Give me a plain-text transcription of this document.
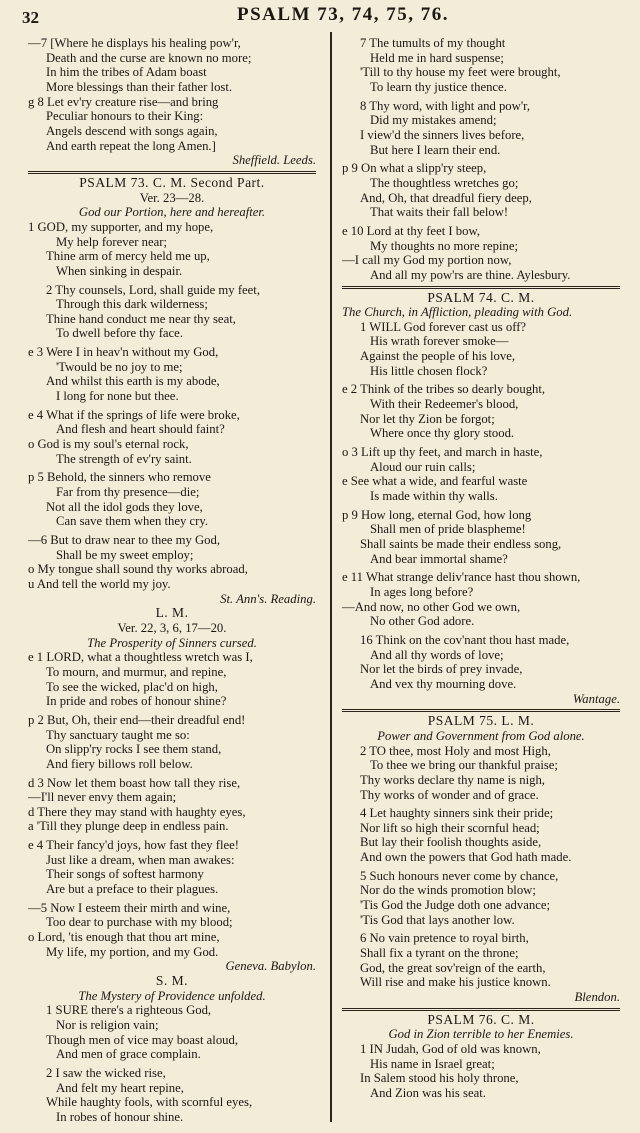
32	PSALM 73, 74, 75, 76.
—7 [Where he displays his healing pow'r,
Death and the curse are known no more;
In him the tribes of Adam boast
More blessings than their father lost.
g 8 Let ev'ry creature rise—and bring
Peculiar honours to their King:
Angels descend with songs again,
And earth repeat the long Amen.]
Sheffield. Leeds.
PSALM 73. C. M. Second Part.
Ver. 23—28.
God our Portion, here and hereafter.
1 GOD, my supporter, and my hope,
My help forever near;
Thine arm of mercy held me up,
When sinking in despair.
2 Thy counsels, Lord, shall guide my feet,
Through this dark wilderness;
Thine hand conduct me near thy seat,
To dwell before thy face.
e 3 Were I in heav'n without my God,
'Twould be no joy to me;
And whilst this earth is my abode,
I long for none but thee.
e 4 What if the springs of life were broke,
And flesh and heart should faint?
o God is my soul's eternal rock,
The strength of ev'ry saint.
p 5 Behold, the sinners who remove
Far from thy presence—die;
Not all the idol gods they love,
Can save them when they cry.
—6 But to draw near to thee my God,
Shall be my sweet employ;
o My tongue shall sound thy works abroad,
u And tell the world my joy.
St. Ann's. Reading.
L. M.
Ver. 22, 3, 6, 17—20.
The Prosperity of Sinners cursed.
e 1 LORD, what a thoughtless wretch was I,
To mourn, and murmur, and repine,
To see the wicked, plac'd on high,
In pride and robes of honour shine?
p 2 But, Oh, their end—their dreadful end!
Thy sanctuary taught me so:
On slipp'ry rocks I see them stand,
And fiery billows roll below.
d 3 Now let them boast how tall they rise,
—I'll never envy them again;
d There they may stand with haughty eyes,
a 'Till they plunge deep in endless pain.
e 4 Their fancy'd joys, how fast they flee!
Just like a dream, when man awakes:
Their songs of softest harmony
Are but a preface to their plagues.
—5 Now I esteem their mirth and wine,
Too dear to purchase with my blood;
o Lord, 'tis enough that thou art mine,
My life, my portion, and my God.
Geneva. Babylon.
S. M.
The Mystery of Providence unfolded.
1 SURE there's a righteous God,
Nor is religion vain;
Though men of vice may boast aloud,
And men of grace complain.
2 I saw the wicked rise,
And felt my heart repine,
While haughty fools, with scornful eyes,
In robes of honour shine.
7 The tumults of my thought
Held me in hard suspense;
'Till to thy house my feet were brought,
To learn thy justice thence.
8 Thy word, with light and pow'r,
Did my mistakes amend;
I view'd the sinners lives before,
But here I learn their end.
p 9 On what a slipp'ry steep,
The thoughtless wretches go;
And, Oh, that dreadful fiery deep,
That waits their fall below!
e 10 Lord at thy feet I bow,
My thoughts no more repine;
—I call my God my portion now,
And all my pow'rs are thine. Aylesbury.
PSALM 74. C. M.
The Church, in Affliction, pleading with God.
1 WILL God forever cast us off?
His wrath forever smoke—
Against the people of his love,
His little chosen flock?
e 2 Think of the tribes so dearly bought,
With their Redeemer's blood,
Nor let thy Zion be forgot;
Where once thy glory stood.
o 3 Lift up thy feet, and march in haste,
Aloud our ruin calls;
e See what a wide, and fearful waste
Is made within thy walls.
p 9 How long, eternal God, how long
Shall men of pride blaspheme!
Shall saints be made their endless song,
And bear immortal shame?
e 11 What strange deliv'rance hast thou shown,
In ages long before?
—And now, no other God we own,
No other God adore.
16 Think on the cov'nant thou hast made,
And all thy words of love;
Nor let the birds of prey invade,
And vex thy mourning dove.
Wantage.
PSALM 75. L. M.
Power and Government from God alone.
2 TO thee, most Holy and most High,
To thee we bring our thankful praise;
Thy works declare thy name is nigh,
Thy works of wonder and of grace.
4 Let haughty sinners sink their pride;
Nor lift so high their scornful head;
But lay their foolish thoughts aside,
And own the powers that God hath made.
5 Such honours never come by chance,
Nor do the winds promotion blow;
'Tis God the Judge doth one advance;
'Tis God that lays another low.
6 No vain pretence to royal birth,
Shall fix a tyrant on the throne;
God, the great sov'reign of the earth,
Will rise and make his justice known.
Blendon.
PSALM 76. C. M.
God in Zion terrible to her Enemies.
1 IN Judah, God of old was known,
His name in Israel great;
In Salem stood his holy throne,
And Zion was his seat.
